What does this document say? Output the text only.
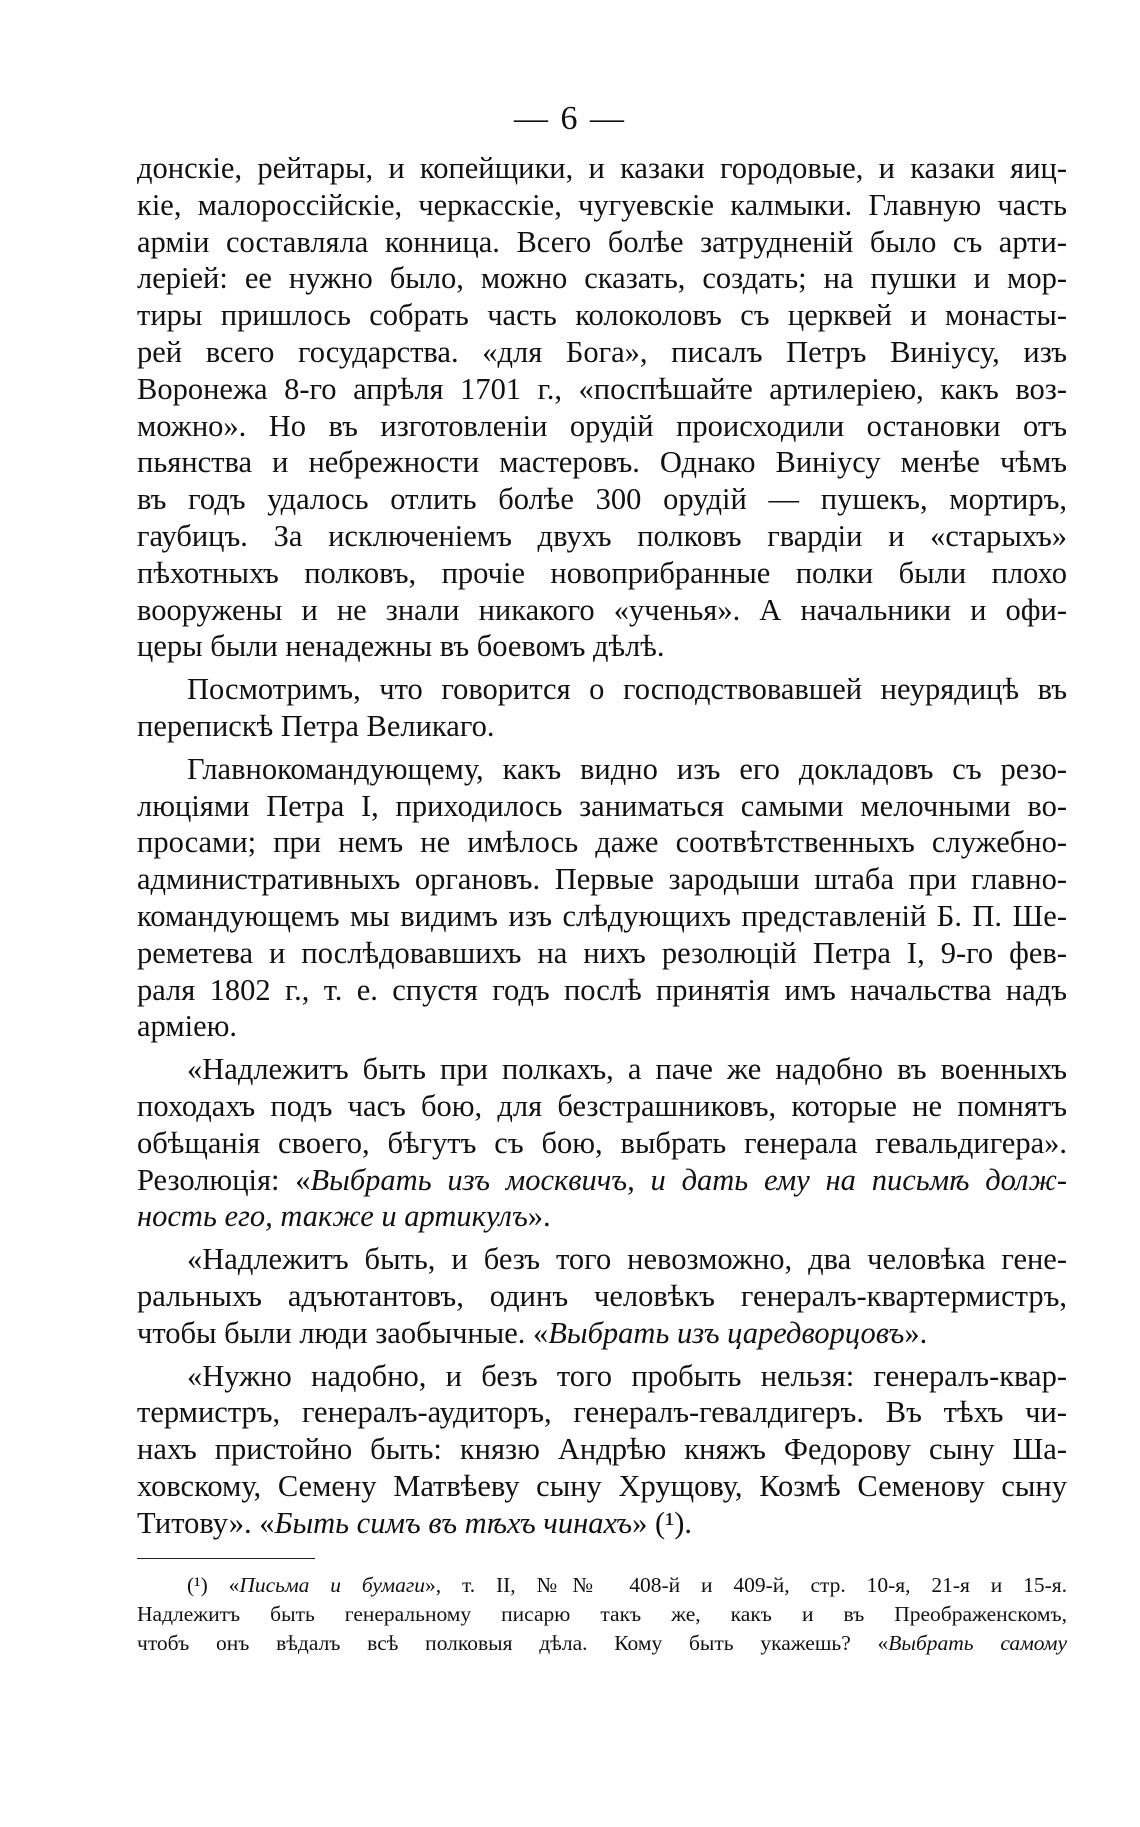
— 6 —

донскіе, рейтары, и копейщики, и казаки городовые, и казаки яиц-
кіе, малороссійскіе, черкасскіе, чугуевскіе калмыки. Главную часть
арміи составляла конница. Всего болѣе затрудненій было съ арти-
леріей: ее нужно было, можно сказать, создать; на пушки и мор-
тиры пришлось собрать часть колоколовъ съ церквей и монасты-
рей всего государства. «для Бога», писалъ Петръ Виніусу, изъ
Воронежа 8-го апрѣля 1701 г., «поспѣшайте артилеріею, какъ воз-
можно». Но въ изготовленіи орудій происходили остановки отъ
пьянства и небрежности мастеровъ. Однако Виніусу менѣе чѣмъ
въ годъ удалось отлить болѣе 300 орудій — пушекъ, мортиръ,
гаубицъ. За исключеніемъ двухъ полковъ гвардіи и «старыхъ»
пѣхотныхъ полковъ, прочіе новоприбранные полки были плохо
вооружены и не знали никакого «ученья». А начальники и офи-
церы были ненадежны въ боевомъ дѣлѣ.

Посмотримъ, что говорится о господствовавшей неурядицѣ въ
перепискѣ Петра Великаго.

Главнокомандующему, какъ видно изъ его докладовъ съ резо-
люціями Петра I, приходилось заниматься самыми мелочными во-
просами; при немъ не имѣлось даже соотвѣтственныхъ служебно-
административныхъ органовъ. Первые зародыши штаба при главно-
командующемъ мы видимъ изъ слѣдующихъ представленій Б. П. Ше-
реметева и послѣдовавшихъ на нихъ резолюцій Петра I, 9-го фев-
раля 1802 г., т. е. спустя годъ послѣ принятія имъ начальства надъ
арміею.

«Надлежитъ быть при полкахъ, а паче же надобно въ военныхъ
походахъ подъ часъ бою, для безстрашниковъ, которые не помнятъ
обѣщанія своего, бѣгутъ съ бою, выбрать генерала гевальдигера».
Резолюція: «Выбрать изъ москвичъ, и дать ему на письмѣ долж-
ность его, также и артикулъ».

«Надлежитъ быть, и безъ того невозможно, два человѣка гене-
ральныхъ адъютантовъ, одинъ человѣкъ генералъ-квартермистръ,
чтобы были люди заобычные. «Выбрать изъ царедворцовъ».

«Нужно надобно, и безъ того пробыть нельзя: генералъ-квар-
термистръ, генералъ-аудиторъ, генералъ-гевалдигеръ. Въ тѣхъ чи-
нахъ пристойно быть: князю Андрѣю княжъ Федорову сыну Ша-
ховскому, Семену Матвѣеву сыну Хрущову, Козмѣ Семенову сыну
Титову». «Быть симъ въ тѣхъ чинахъ» (¹).

(¹) «Письма и бумаги», т. II, №№ 408-й и 409-й, стр. 10-я, 21-я и 15-я.
Надлежитъ быть генеральному писарю такъ же, какъ и въ Преображенскомъ,
чтобъ онъ вѣдалъ всѣ полковыя дѣла. Кому быть укажешь? «Выбрать самому
